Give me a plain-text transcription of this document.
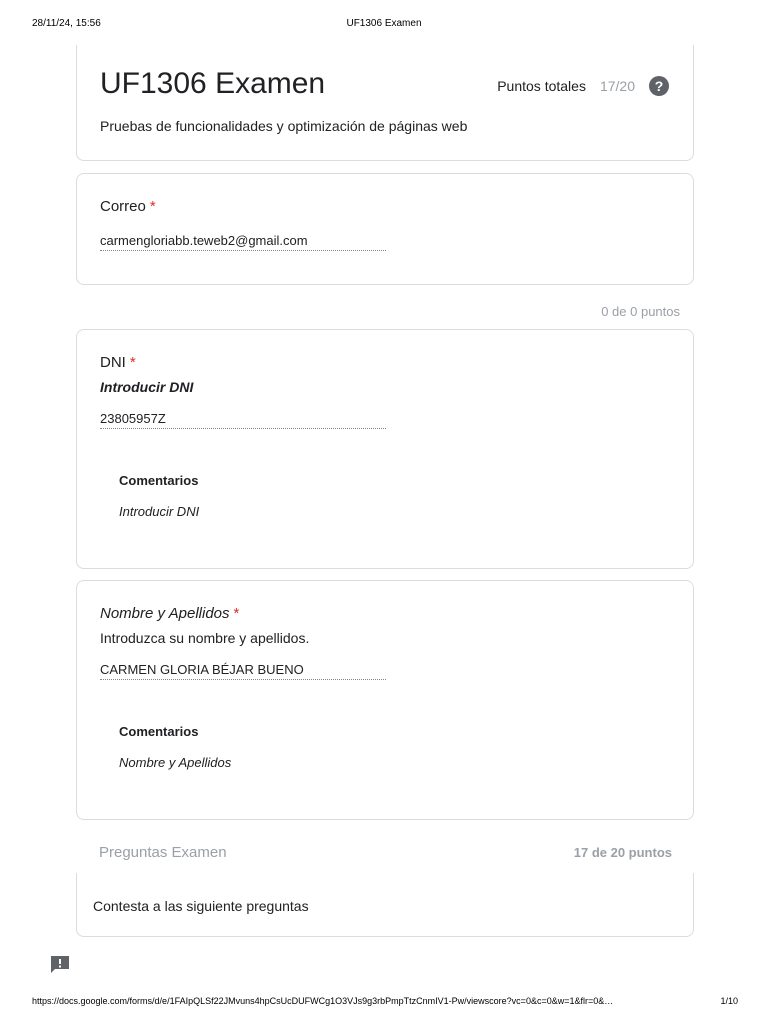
28/11/24, 15:56	UF1306 Examen
UF1306 Examen
Pruebas de funcionalidades y optimización de páginas web
Puntos totales 17/20	?
Correo *
carmengloriabb.teweb2@gmail.com
0 de 0 puntos
DNI *
Introducir DNI
23805957Z
Comentarios
Introducir DNI
Nombre y Apellidos *
Introduzca su nombre y apellidos.
CARMEN GLORIA BÉJAR BUENO
Comentarios
Nombre y Apellidos
Preguntas Examen	17 de 20 puntos
Contesta a las siguiente preguntas
https://docs.google.com/forms/d/e/1FAIpQLSf22JMvuns4hpCsUcDUFWCg1O3VJs9g3rbPmpTtzCnmIV1-Pw/viewscore?vc=0&c=0&w=1&flr=0&…	1/10
